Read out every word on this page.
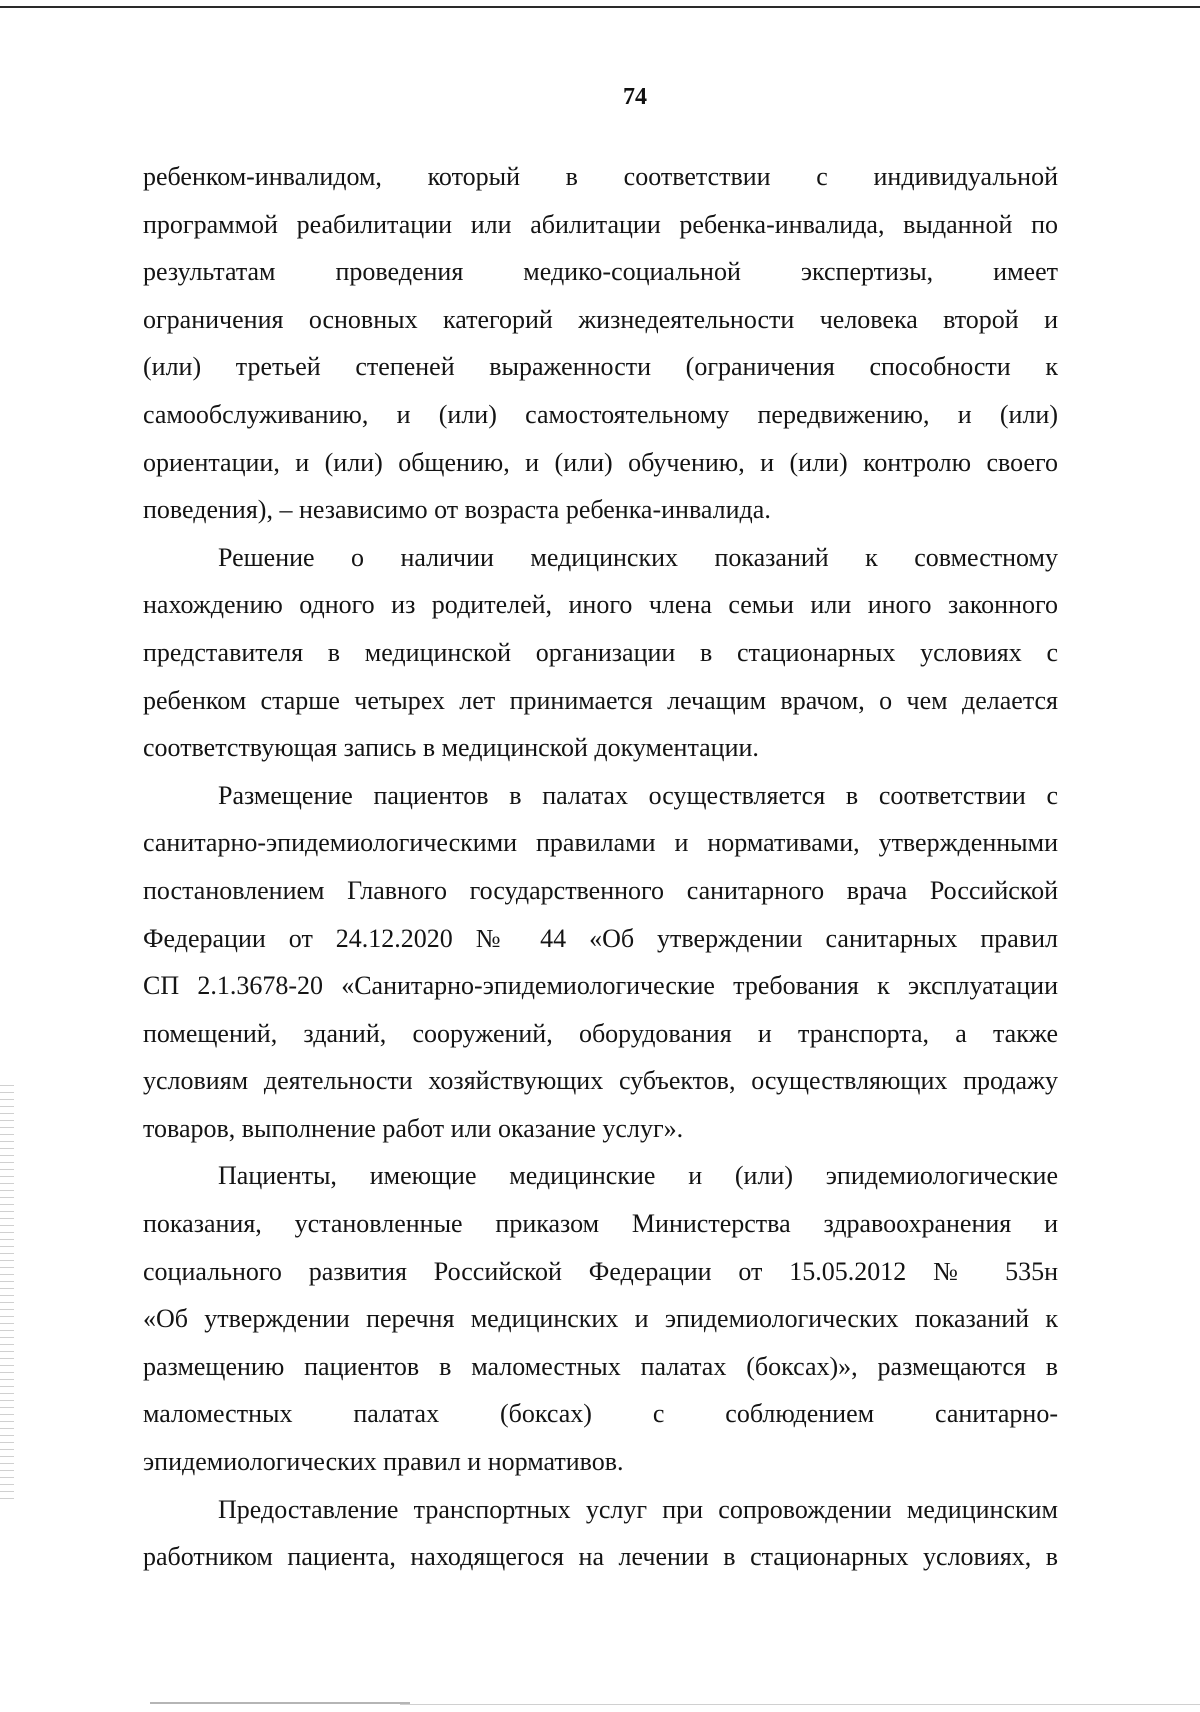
74

ребенком-инвалидом, который в соответствии с индивидуальной
программой реабилитации или абилитации ребенка-инвалида, выданной по
результатам проведения медико-социальной экспертизы, имеет
ограничения основных категорий жизнедеятельности человека второй и
(или) третьей степеней выраженности (ограничения способности к
самообслуживанию, и (или) самостоятельному передвижению, и (или)
ориентации, и (или) общению, и (или) обучению, и (или) контролю своего
поведения), – независимо от возраста ребенка-инвалида.

Решение о наличии медицинских показаний к совместному
нахождению одного из родителей, иного члена семьи или иного законного
представителя в медицинской организации в стационарных условиях с
ребенком старше четырех лет принимается лечащим врачом, о чем делается
соответствующая запись в медицинской документации.

Размещение пациентов в палатах осуществляется в соответствии с
санитарно-эпидемиологическими правилами и нормативами, утвержденными
постановлением Главного государственного санитарного врача Российской
Федерации от 24.12.2020 № 44 «Об утверждении санитарных правил
СП 2.1.3678-20 «Санитарно-эпидемиологические требования к эксплуатации
помещений, зданий, сооружений, оборудования и транспорта, а также
условиям деятельности хозяйствующих субъектов, осуществляющих продажу
товаров, выполнение работ или оказание услуг».

Пациенты, имеющие медицинские и (или) эпидемиологические
показания, установленные приказом Министерства здравоохранения и
социального развития Российской Федерации от 15.05.2012 № 535н
«Об утверждении перечня медицинских и эпидемиологических показаний к
размещению пациентов в маломестных палатах (боксах)», размещаются в
маломестных палатах (боксах) с соблюдением санитарно-
эпидемиологических правил и нормативов.

Предоставление транспортных услуг при сопровождении медицинским
работником пациента, находящегося на лечении в стационарных условиях, в
